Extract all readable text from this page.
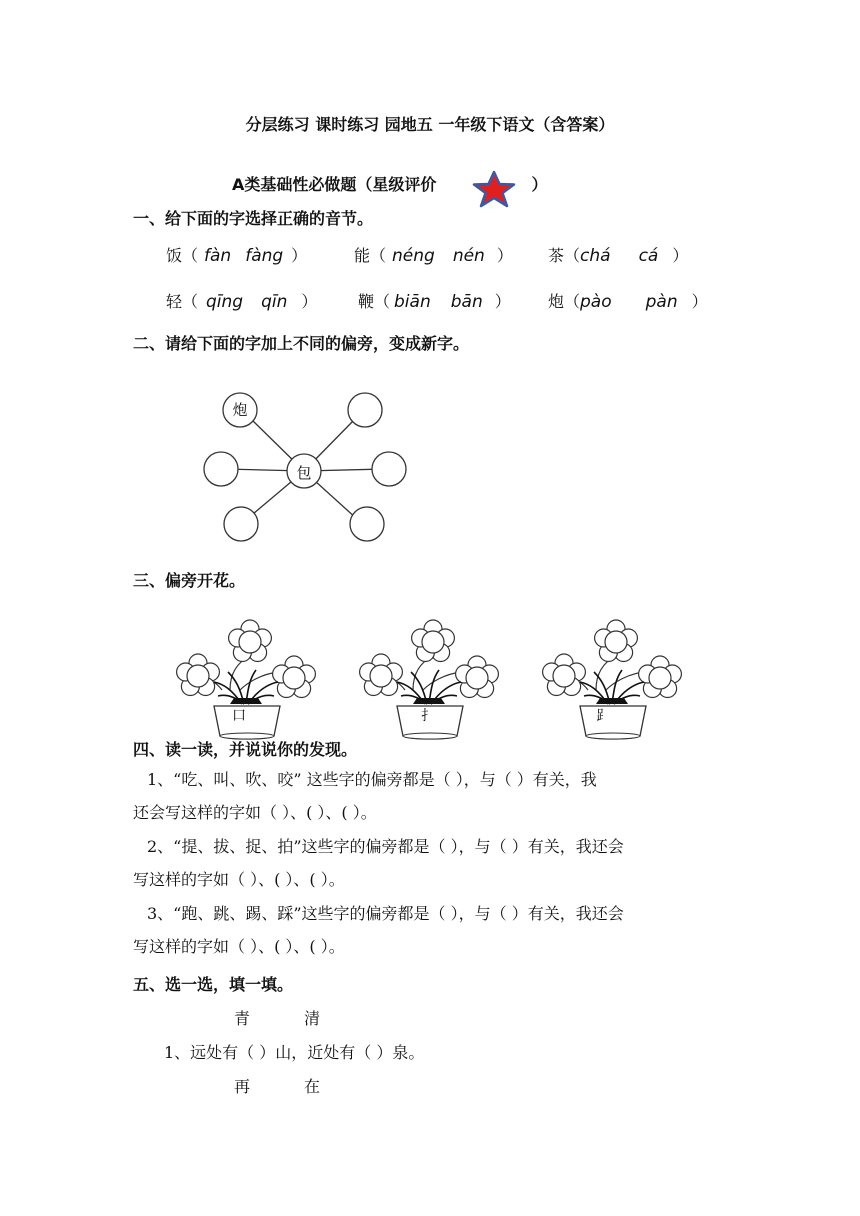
分层练习 课时练习 园地五 一年级下语文（含答案）
A类基础性必做题（星级评价	）
一、给下面的字选择正确的音节。
饭（ fàn fàng ）	能（ néng nén ） 茶（chá cá ）
轻（ qīng qīn ）	鞭（ biān bān ） 炮（pào pàn ）
二、请给下面的字加上不同的偏旁，变成新字。
炮
包
三、偏旁开花。
口	扌	⻊
四、读一读，并说说你的发现。
1、“吃、叫、吹、咬” 这些字的偏旁都是（ ），与（ ）有关，我
还会写这样的字如（ ）、( ）、( ）。
2、“提、拔、捉、拍”这些字的偏旁都是（ ），与（ ）有关，我还会
写这样的字如（ ）、( ）、( ）。
3、“跑、跳、踢、踩”这些字的偏旁都是（ ），与（ ）有关，我还会
写这样的字如（ ）、( ）、( ）。
五、选一选，填一填。
青	清
1、远处有（ ）山，近处有（ ）泉。
再	在
